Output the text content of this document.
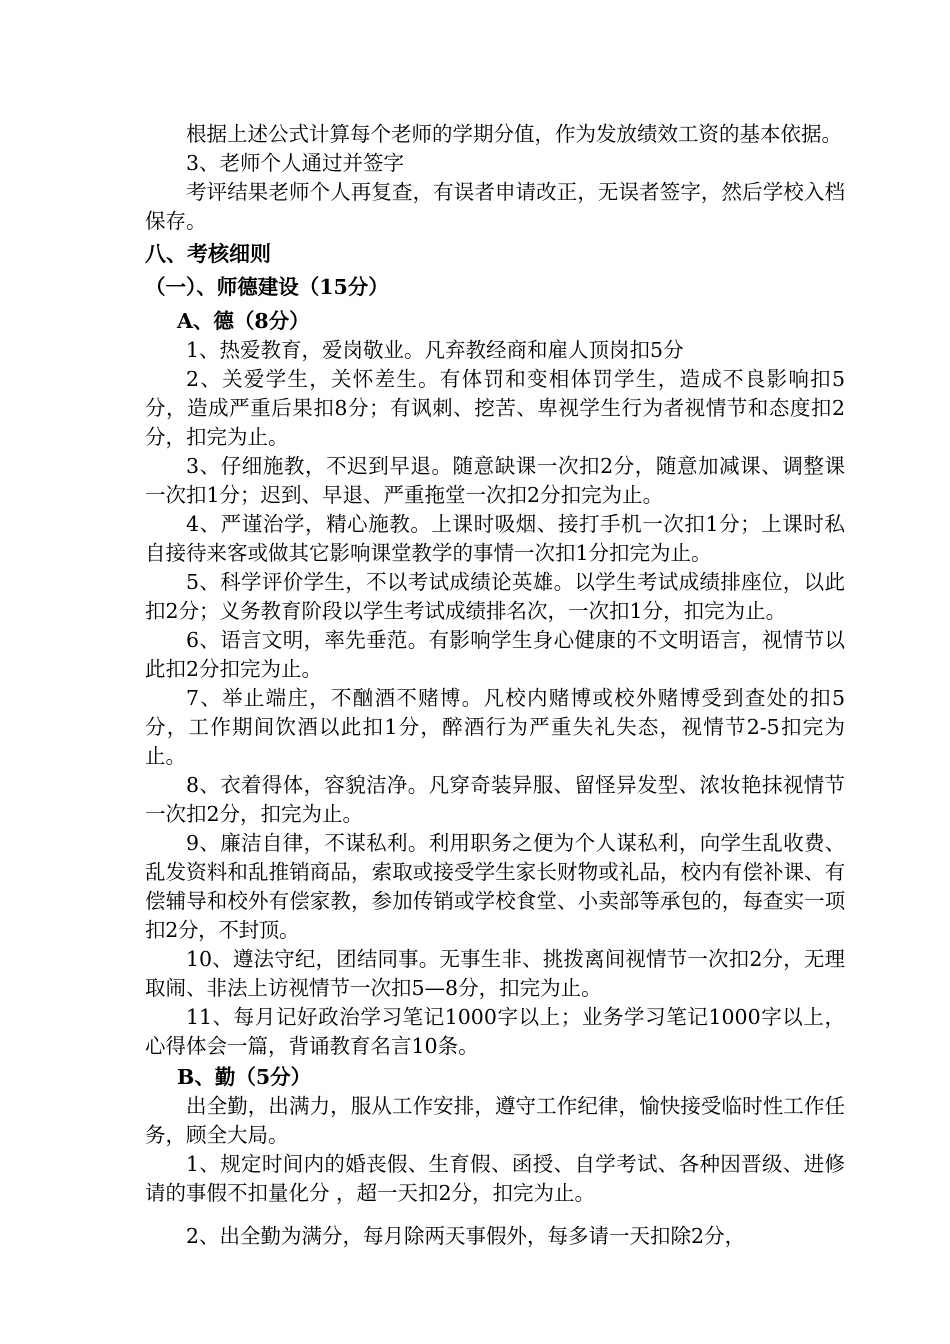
根据上述公式计算每个老师的学期分值，作为发放绩效工资的基本依据。

3、老师个人通过并签字

考评结果老师个人再复查，有误者申请改正，无误者签字，然后学校入档保存。

八、考核细则
（一）、师德建设（15分）
A、德（8分）

1、热爱教育，爱岗敬业。凡弃教经商和雇人顶岗扣5分

2、关爱学生，关怀差生。有体罚和变相体罚学生，造成不良影响扣5分，造成严重后果扣8分；有讽刺、挖苦、卑视学生行为者视情节和态度扣2分，扣完为止。

3、仔细施教，不迟到早退。随意缺课一次扣2分，随意加减课、调整课一次扣1分；迟到、早退、严重拖堂一次扣2分扣完为止。

4、严谨治学，精心施教。上课时吸烟、接打手机一次扣1分；上课时私自接待来客或做其它影响课堂教学的事情一次扣1分扣完为止。

5、科学评价学生，不以考试成绩论英雄。以学生考试成绩排座位，以此扣2分；义务教育阶段以学生考试成绩排名次，一次扣1分，扣完为止。

6、语言文明，率先垂范。有影响学生身心健康的不文明语言，视情节以此扣2分扣完为止。

7、举止端庄，不酗酒不赌博。凡校内赌博或校外赌博受到查处的扣5分，工作期间饮酒以此扣1分，醉酒行为严重失礼失态，视情节2-5扣完为止。

8、衣着得体，容貌洁净。凡穿奇装异服、留怪异发型、浓妆艳抹视情节一次扣2分，扣完为止。

9、廉洁自律，不谋私利。利用职务之便为个人谋私利，向学生乱收费、乱发资料和乱推销商品，索取或接受学生家长财物或礼品，校内有偿补课、有偿辅导和校外有偿家教，参加传销或学校食堂、小卖部等承包的，每查实一项扣2分，不封顶。

10、遵法守纪，团结同事。无事生非、挑拨离间视情节一次扣2分，无理取闹、非法上访视情节一次扣5—8分，扣完为止。

11、每月记好政治学习笔记1000字以上；业务学习笔记1000字以上，心得体会一篇，背诵教育名言10条。

B、勤（5分）

出全勤，出满力，服从工作安排，遵守工作纪律，愉快接受临时性工作任务，顾全大局。

1、规定时间内的婚丧假、生育假、函授、自学考试、各种因晋级、进修请的事假不扣量化分 ，超一天扣2分，扣完为止。

2、出全勤为满分，每月除两天事假外，每多请一天扣除2分，
